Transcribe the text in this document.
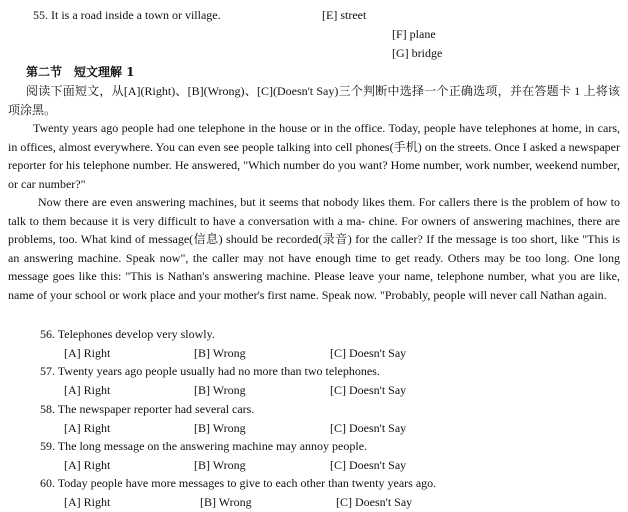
55. It is a road inside a town or village.	[E] street
[F] plane
[G] bridge
第二节　短文理解 1
阅读下面短文，从[A](Right)、[B](Wrong)、[C](Doesn't Say)三个判断中选择一个正确选项，并在答题卡 1 上将该项涂黑。
Twenty years ago people had one telephone in the house or in the office. Today, people have telephones at home, in cars, in offices, almost everywhere. You can even see people talking into cell phones(手机) on the streets. Once I asked a newspaper reporter for his telephone number. He answered, "Which number do you want? Home number, work number, weekend number, or car number?"
Now there are even answering machines, but it seems that nobody likes them. For callers there is the problem of how to talk to them because it is very difficult to have a conversation with a ma- chine. For owners of answering machines, there are problems, too. What kind of message(信息) should be recorded(录音) for the caller? If the message is too short, like "This is an answering machine. Speak now", the caller may not have enough time to get ready. Others may be too long. One long message goes like this: "This is Nathan's answering machine. Please leave your name, telephone number, what you are like, name of your school or work place and your mother's first name. Speak now. "Probably, people will never call Nathan again.
56. Telephones develop very slowly.
[A] Right	[B] Wrong	[C] Doesn't Say
57. Twenty years ago people usually had no more than two telephones.
[A] Right	[B] Wrong	[C] Doesn't Say
58. The newspaper reporter had several cars.
[A] Right	[B] Wrong	[C] Doesn't Say
59. The long message on the answering machine may annoy people.
[A] Right	[B] Wrong	[C] Doesn't Say
60. Today people have more messages to give to each other than twenty years ago.
[A] Right	[B] Wrong	[C] Doesn't Say
